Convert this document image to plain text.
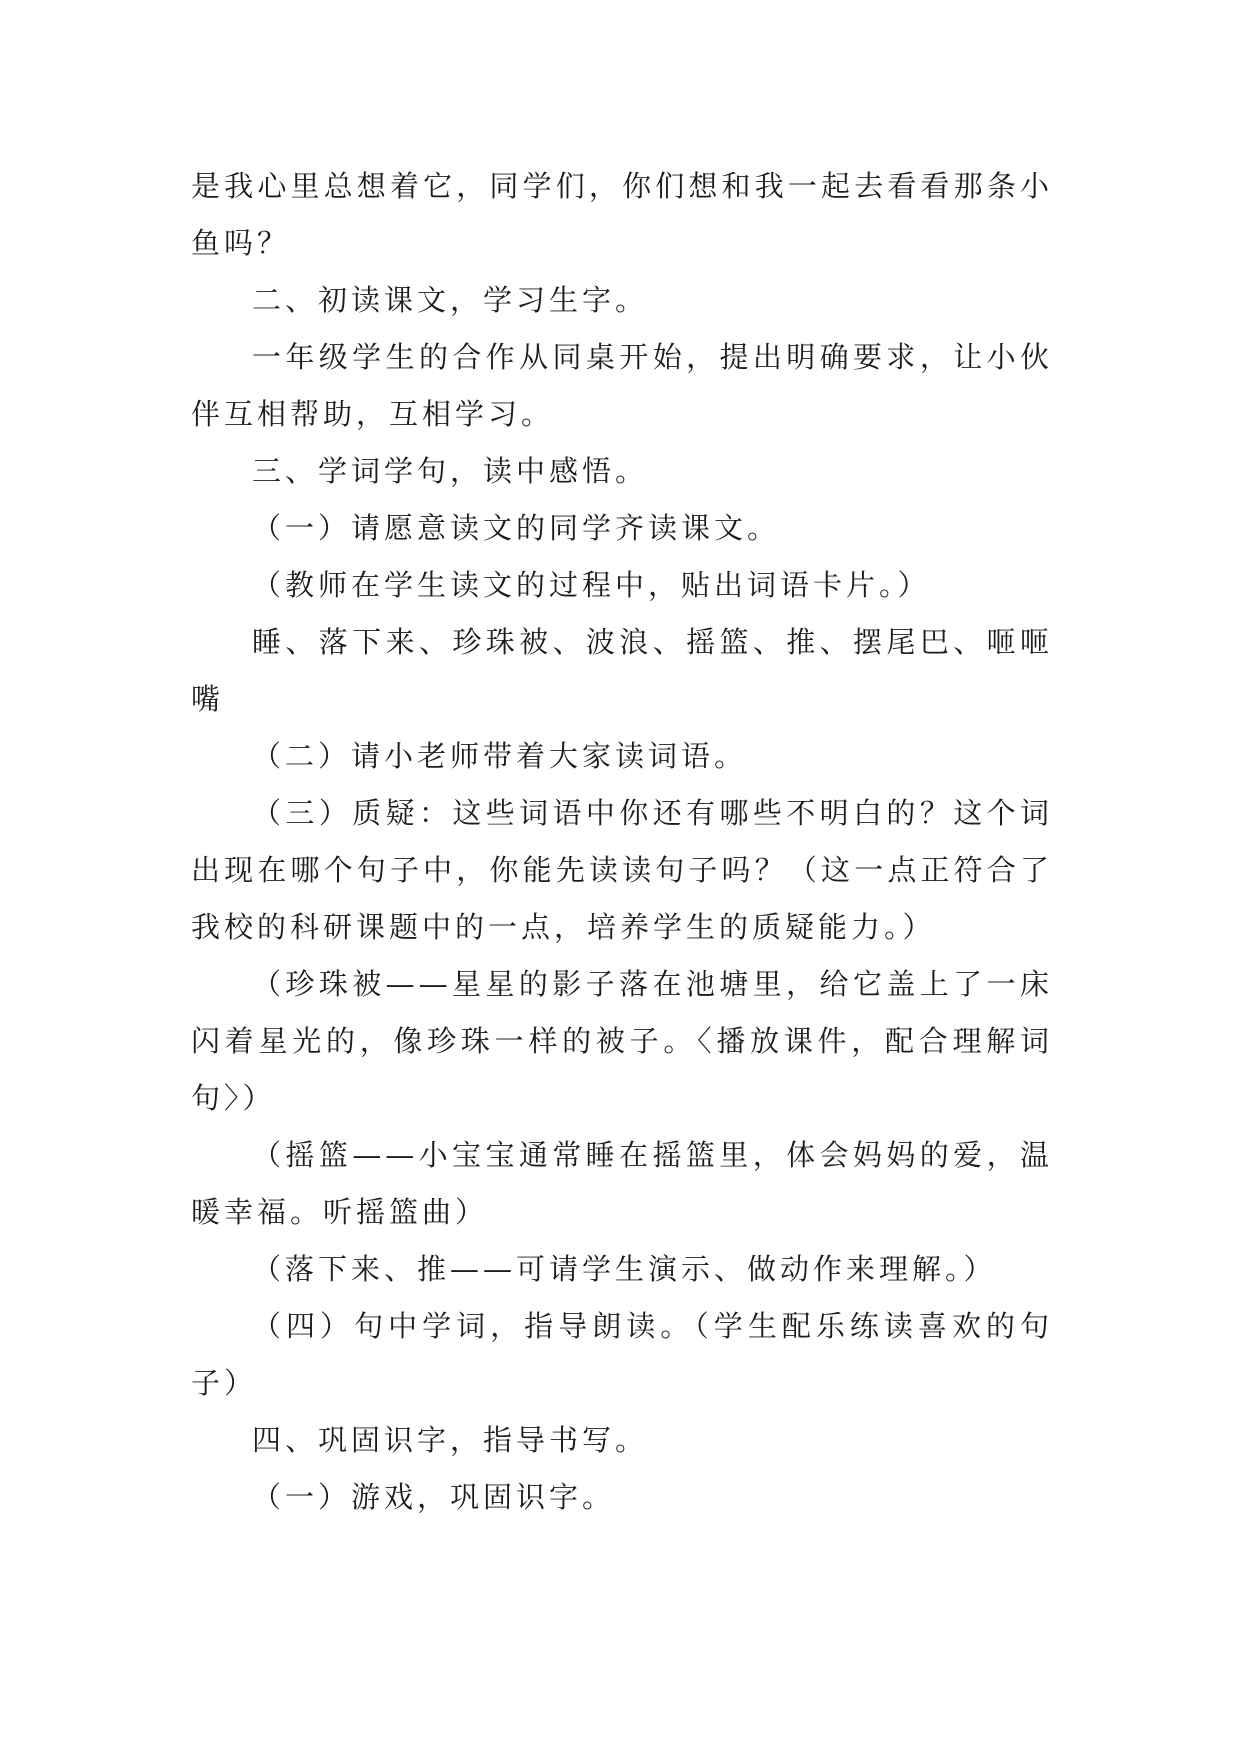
是我心里总想着它，同学们，你们想和我一起去看看那条小鱼吗？

二、初读课文，学习生字。

一年级学生的合作从同桌开始，提出明确要求，让小伙伴互相帮助，互相学习。

三、学词学句，读中感悟。

（一）请愿意读文的同学齐读课文。

（教师在学生读文的过程中，贴出词语卡片。）

睡、落下来、珍珠被、波浪、摇篮、推、摆尾巴、咂咂嘴

（二）请小老师带着大家读词语。

（三）质疑：这些词语中你还有哪些不明白的？这个词出现在哪个句子中，你能先读读句子吗？（这一点正符合了我校的科研课题中的一点，培养学生的质疑能力。）

（珍珠被——星星的影子落在池塘里，给它盖上了一床闪着星光的，像珍珠一样的被子。〈播放课件，配合理解词句〉）

（摇篮——小宝宝通常睡在摇篮里，体会妈妈的爱，温暖幸福。听摇篮曲）

（落下来、推——可请学生演示、做动作来理解。）

（四）句中学词，指导朗读。（学生配乐练读喜欢的句子）

四、巩固识字，指导书写。

（一）游戏，巩固识字。
